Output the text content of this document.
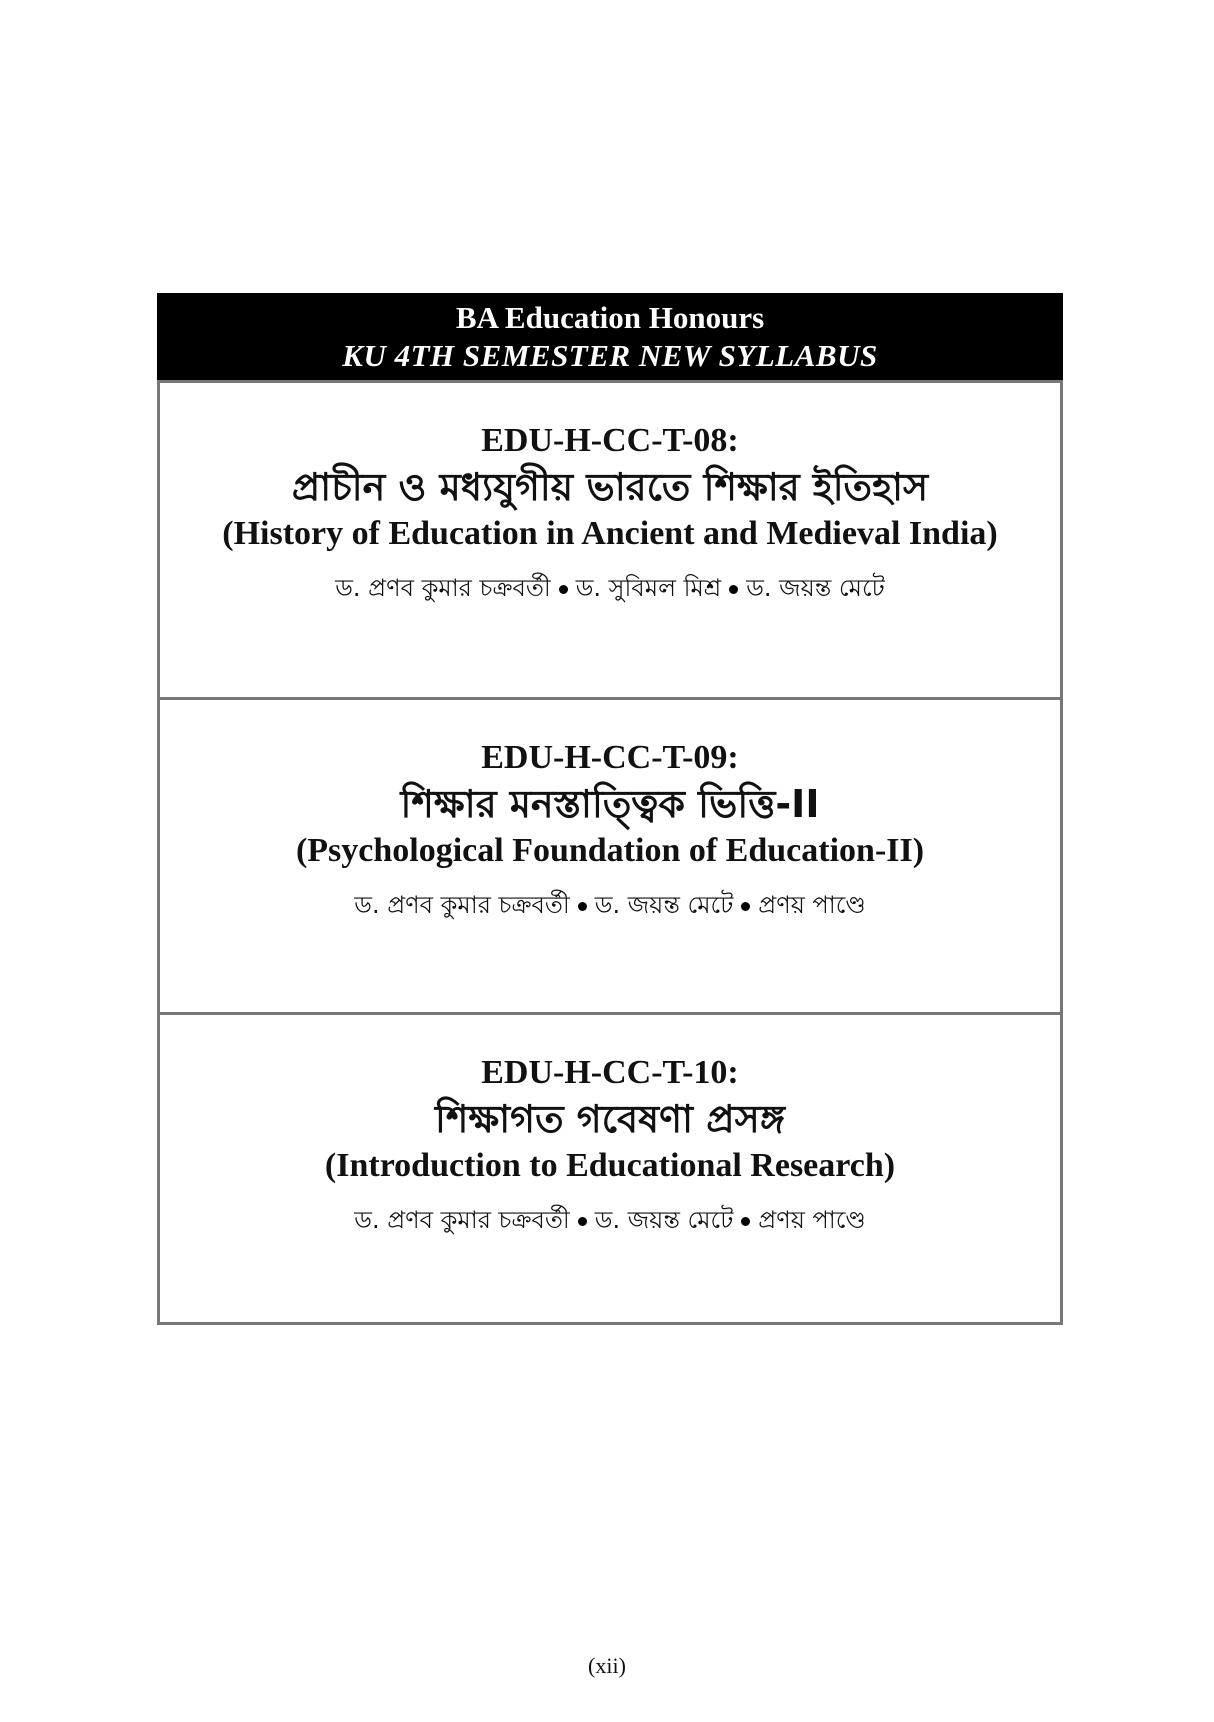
BA Education Honours
KU 4TH SEMESTER NEW SYLLABUS
EDU-H-CC-T-08:
প্রাচীন ও মধ্যযুগীয় ভারতে শিক্ষার ইতিহাস
(History of Education in Ancient and Medieval India)
ড. প্রণব কুমার চক্রবর্তী ড. সুবিমল মিশ্র ড. জয়ন্ত মেটে
EDU-H-CC-T-09:
শিক্ষার মনস্তাত্ত্বিক ভিত্তি-II
(Psychological Foundation of Education-II)
ড. প্রণব কুমার চক্রবর্তী ড. জয়ন্ত মেটে প্রণয় পাণ্ডে
EDU-H-CC-T-10:
শিক্ষাগত গবেষণা প্রসঙ্গ
(Introduction to Educational Research)
ড. প্রণব কুমার চক্রবর্তী ড. জয়ন্ত মেটে প্রণয় পাণ্ডে
(xii)
